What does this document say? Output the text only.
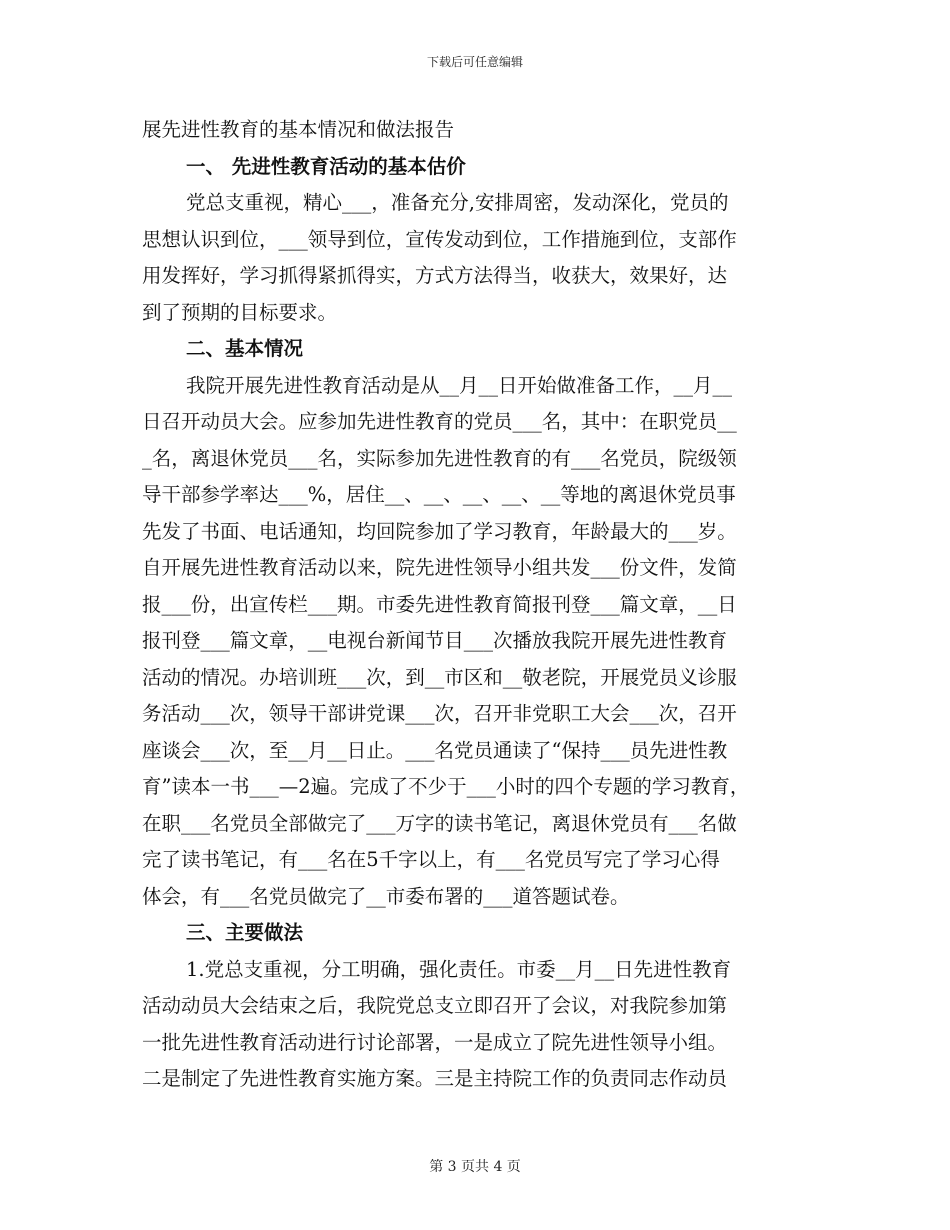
下载后可任意编辑
展先进性教育的基本情况和做法报告
一、 先进性教育活动的基本估价
党总支重视，精心___，准备充分,安排周密，发动深化，党员的
思想认识到位，___领导到位，宣传发动到位，工作措施到位，支部作
用发挥好，学习抓得紧抓得实，方式方法得当，收获大，效果好，达
到了预期的目标要求。
二、基本情况
我院开展先进性教育活动是从__月__日开始做准备工作，__月__
日召开动员大会。应参加先进性教育的党员___名，其中：在职党员__
_名，离退休党员___名，实际参加先进性教育的有___名党员，院级领
导干部参学率达___%，居住__、__、__、__、__等地的离退休党员事
先发了书面、电话通知，均回院参加了学习教育，年龄最大的___岁。
自开展先进性教育活动以来，院先进性领导小组共发___份文件，发简
报___份，出宣传栏___期。市委先进性教育简报刊登___篇文章，__日
报刊登___篇文章，__电视台新闻节目___次播放我院开展先进性教育
活动的情况。办培训班___次，到__市区和__敬老院，开展党员义诊服
务活动___次，领导干部讲党课___次，召开非党职工大会___次，召开
座谈会___次，至__月__日止。___名党员通读了“保持___员先进性教
育”读本一书___—2遍。完成了不少于___小时的四个专题的学习教育，
在职___名党员全部做完了___万字的读书笔记，离退休党员有___名做
完了读书笔记，有___名在5千字以上，有___名党员写完了学习心得
体会，有___名党员做完了__市委布署的___道答题试卷。
三、主要做法
1.党总支重视，分工明确，强化责任。市委__月__日先进性教育
活动动员大会结束之后，我院党总支立即召开了会议，对我院参加第
一批先进性教育活动进行讨论部署，一是成立了院先进性领导小组。
二是制定了先进性教育实施方案。三是主持院工作的负责同志作动员
第 3 页共 4 页
